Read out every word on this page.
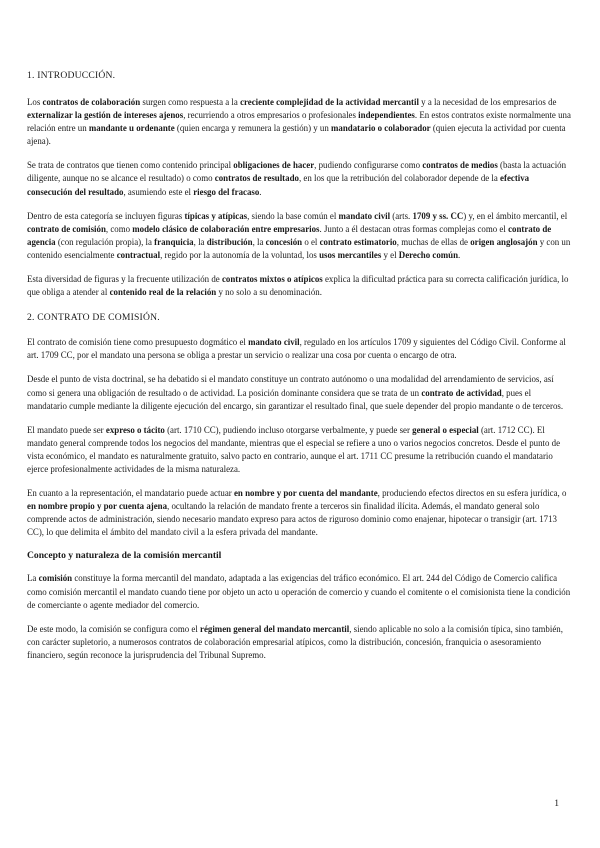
1. INTRODUCCIÓN.

Los contratos de colaboración surgen como respuesta a la creciente complejidad de la actividad mercantil y a la necesidad de los empresarios de externalizar la gestión de intereses ajenos, recurriendo a otros empresarios o profesionales independientes. En estos contratos existe normalmente una relación entre un mandante u ordenante (quien encarga y remunera la gestión) y un mandatario o colaborador (quien ejecuta la actividad por cuenta ajena).

Se trata de contratos que tienen como contenido principal obligaciones de hacer, pudiendo configurarse como contratos de medios (basta la actuación diligente, aunque no se alcance el resultado) o como contratos de resultado, en los que la retribución del colaborador depende de la efectiva consecución del resultado, asumiendo este el riesgo del fracaso.

Dentro de esta categoría se incluyen figuras típicas y atípicas, siendo la base común el mandato civil (arts. 1709 y ss. CC) y, en el ámbito mercantil, el contrato de comisión, como modelo clásico de colaboración entre empresarios. Junto a él destacan otras formas complejas como el contrato de agencia (con regulación propia), la franquicia, la distribución, la concesión o el contrato estimatorio, muchas de ellas de origen anglosajón y con un contenido esencialmente contractual, regido por la autonomía de la voluntad, los usos mercantiles y el Derecho común.

Esta diversidad de figuras y la frecuente utilización de contratos mixtos o atípicos explica la dificultad práctica para su correcta calificación jurídica, lo que obliga a atender al contenido real de la relación y no solo a su denominación.

2. CONTRATO DE COMISIÓN.

El contrato de comisión tiene como presupuesto dogmático el mandato civil, regulado en los artículos 1709 y siguientes del Código Civil. Conforme al art. 1709 CC, por el mandato una persona se obliga a prestar un servicio o realizar una cosa por cuenta o encargo de otra.

Desde el punto de vista doctrinal, se ha debatido si el mandato constituye un contrato autónomo o una modalidad del arrendamiento de servicios, así como si genera una obligación de resultado o de actividad. La posición dominante considera que se trata de un contrato de actividad, pues el mandatario cumple mediante la diligente ejecución del encargo, sin garantizar el resultado final, que suele depender del propio mandante o de terceros.

El mandato puede ser expreso o tácito (art. 1710 CC), pudiendo incluso otorgarse verbalmente, y puede ser general o especial (art. 1712 CC). El mandato general comprende todos los negocios del mandante, mientras que el especial se refiere a uno o varios negocios concretos. Desde el punto de vista económico, el mandato es naturalmente gratuito, salvo pacto en contrario, aunque el art. 1711 CC presume la retribución cuando el mandatario ejerce profesionalmente actividades de la misma naturaleza.

En cuanto a la representación, el mandatario puede actuar en nombre y por cuenta del mandante, produciendo efectos directos en su esfera jurídica, o en nombre propio y por cuenta ajena, ocultando la relación de mandato frente a terceros sin finalidad ilícita. Además, el mandato general solo comprende actos de administración, siendo necesario mandato expreso para actos de riguroso dominio como enajenar, hipotecar o transigir (art. 1713 CC), lo que delimita el ámbito del mandato civil a la esfera privada del mandante.

Concepto y naturaleza de la comisión mercantil

La comisión constituye la forma mercantil del mandato, adaptada a las exigencias del tráfico económico. El art. 244 del Código de Comercio califica como comisión mercantil el mandato cuando tiene por objeto un acto u operación de comercio y cuando el comitente o el comisionista tiene la condición de comerciante o agente mediador del comercio.

De este modo, la comisión se configura como el régimen general del mandato mercantil, siendo aplicable no solo a la comisión típica, sino también, con carácter supletorio, a numerosos contratos de colaboración empresarial atípicos, como la distribución, concesión, franquicia o asesoramiento financiero, según reconoce la jurisprudencia del Tribunal Supremo.

1
